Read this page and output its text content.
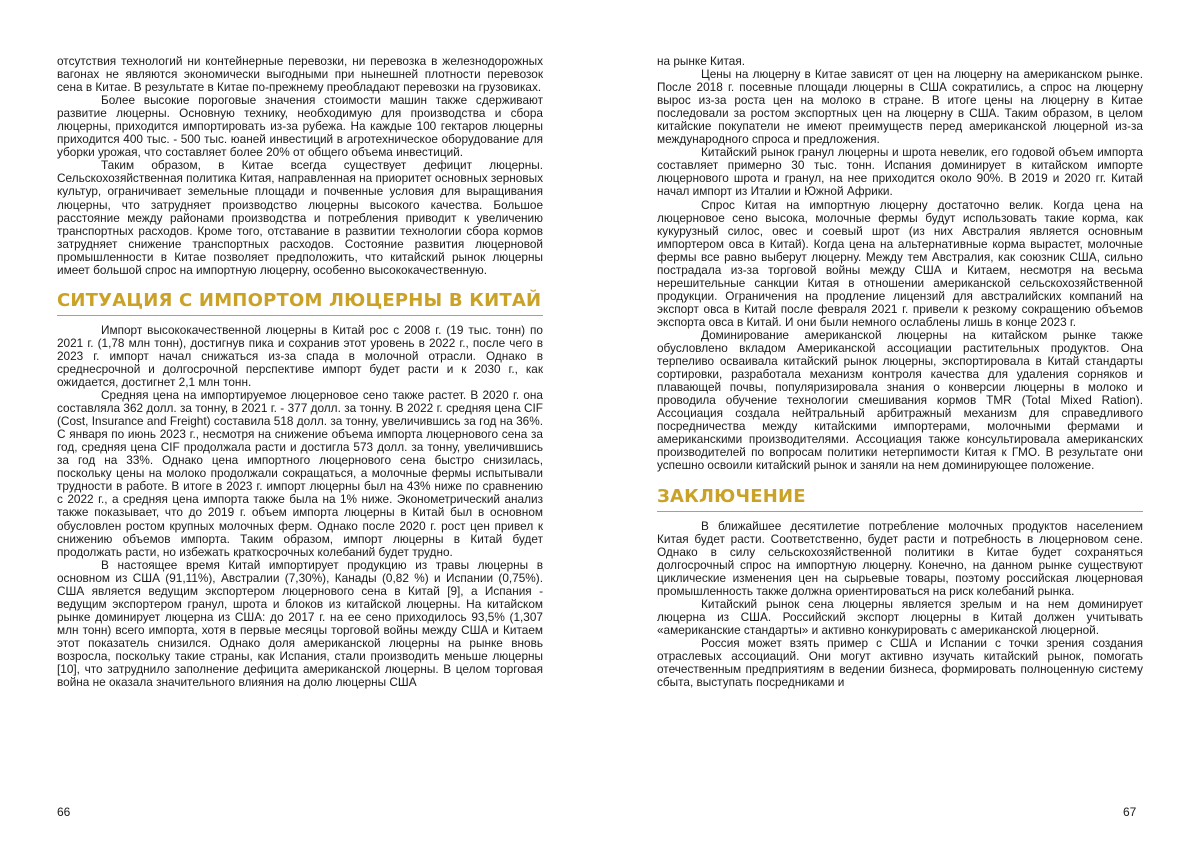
отсутствия технологий ни контейнерные перевозки, ни перевозка в железнодорожных вагонах не являются экономически выгодными при нынешней плотности перевозок сена в Китае. В результате в Китае по-прежнему преобладают перевозки на грузовиках.

Более высокие пороговые значения стоимости машин также сдерживают развитие люцерны. Основную технику, необходимую для производства и сбора люцерны, приходится импортировать из-за рубежа. На каждые 100 гектаров люцерны приходится 400 тыс. - 500 тыс. юаней инвестиций в агротехническое оборудование для уборки урожая, что составляет более 20% от общего объема инвестиций.

Таким образом, в Китае всегда существует дефицит люцерны. Сельскохозяйственная политика Китая, направленная на приоритет основных зерновых культур, ограничивает земельные площади и почвенные условия для выращивания люцерны, что затрудняет производство люцерны высокого качества. Большое расстояние между районами производства и потребления приводит к увеличению транспортных расходов. Кроме того, отставание в развитии технологии сбора кормов затрудняет снижение транспортных расходов. Состояние развития люцерновой промышленности в Китае позволяет предположить, что китайский рынок люцерны имеет большой спрос на импортную люцерну, особенно высококачественную.

СИТУАЦИЯ С ИМПОРТОМ ЛЮЦЕРНЫ В КИТАЙ

Импорт высококачественной люцерны в Китай рос с 2008 г. (19 тыс. тонн) по 2021 г. (1,78 млн тонн), достигнув пика и сохранив этот уровень в 2022 г., после чего в 2023 г. импорт начал снижаться из-за спада в молочной отрасли. Однако в среднесрочной и долгосрочной перспективе импорт будет расти и к 2030 г., как ожидается, достигнет 2,1 млн тонн.

Средняя цена на импортируемое люцерновое сено также растет. В 2020 г. она составляла 362 долл. за тонну, в 2021 г. - 377 долл. за тонну. В 2022 г. средняя цена CIF (Cost, Insurance and Freight) составила 518 долл. за тонну, увеличившись за год на 36%. С января по июнь 2023 г., несмотря на снижение объема импорта люцернового сена за год, средняя цена CIF продолжала расти и достигла 573 долл. за тонну, увеличившись за год на 33%. Однако цена импортного люцернового сена быстро снизилась, поскольку цены на молоко продолжали сокращаться, а молочные фермы испытывали трудности в работе. В итоге в 2023 г. импорт люцерны был на 43% ниже по сравнению с 2022 г., а средняя цена импорта также была на 1% ниже. Эконометрический анализ также показывает, что до 2019 г. объем импорта люцерны в Китай был в основном обусловлен ростом крупных молочных ферм. Однако после 2020 г. рост цен привел к снижению объемов импорта. Таким образом, импорт люцерны в Китай будет продолжать расти, но избежать краткосрочных колебаний будет трудно.

В настоящее время Китай импортирует продукцию из травы люцерны в основном из США (91,11%), Австралии (7,30%), Канады (0,82 %) и Испании (0,75%). США является ведущим экспортером люцернового сена в Китай [9], а Испания - ведущим экспортером гранул, шрота и блоков из китайской люцерны. На китайском рынке доминирует люцерна из США: до 2017 г. на ее сено приходилось 93,5% (1,307 млн тонн) всего импорта, хотя в первые месяцы торговой войны между США и Китаем этот показатель снизился. Однако доля американской люцерны на рынке вновь возросла, поскольку такие страны, как Испания, стали производить меньше люцерны [10], что затруднило заполнение дефицита американской люцерны. В целом торговая война не оказала значительного влияния на долю люцерны США

66

на рынке Китая.

Цены на люцерну в Китае зависят от цен на люцерну на американском рынке. После 2018 г. посевные площади люцерны в США сократились, а спрос на люцерну вырос из-за роста цен на молоко в стране. В итоге цены на люцерну в Китае последовали за ростом экспортных цен на люцерну в США. Таким образом, в целом китайские покупатели не имеют преимуществ перед американской люцерной из-за международного спроса и предложения.

Китайский рынок гранул люцерны и шрота невелик, его годовой объем импорта составляет примерно 30 тыс. тонн. Испания доминирует в китайском импорте люцернового шрота и гранул, на нее приходится около 90%. В 2019 и 2020 гг. Китай начал импорт из Италии и Южной Африки.

Спрос Китая на импортную люцерну достаточно велик. Когда цена на люцерновое сено высока, молочные фермы будут использовать такие корма, как кукурузный силос, овес и соевый шрот (из них Австралия является основным импортером овса в Китай). Когда цена на альтернативные корма вырастет, молочные фермы все равно выберут люцерну. Между тем Австралия, как союзник США, сильно пострадала из-за торговой войны между США и Китаем, несмотря на весьма нерешительные санкции Китая в отношении американской сельскохозяйственной продукции. Ограничения на продление лицензий для австралийских компаний на экспорт овса в Китай после февраля 2021 г. привели к резкому сокращению объемов экспорта овса в Китай. И они были немного ослаблены лишь в конце 2023 г.

Доминирование американской люцерны на китайском рынке также обусловлено вкладом Американской ассоциации растительных продуктов. Она терпеливо осваивала китайский рынок люцерны, экспортировала в Китай стандарты сортировки, разработала механизм контроля качества для удаления сорняков и плавающей почвы, популяризировала знания о конверсии люцерны в молоко и проводила обучение технологии смешивания кормов TMR (Total Mixed Ration). Ассоциация создала нейтральный арбитражный механизм для справедливого посредничества между китайскими импортерами, молочными фермами и американскими производителями. Ассоциация также консультировала американских производителей по вопросам политики нетерпимости Китая к ГМО. В результате они успешно освоили китайский рынок и заняли на нем доминирующее положение.

ЗАКЛЮЧЕНИЕ

В ближайшее десятилетие потребление молочных продуктов населением Китая будет расти. Соответственно, будет расти и потребность в люцерновом сене. Однако в силу сельскохозяйственной политики в Китае будет сохраняться долгосрочный спрос на импортную люцерну. Конечно, на данном рынке существуют циклические изменения цен на сырьевые товары, поэтому российская люцерновая промышленность также должна ориентироваться на риск колебаний рынка.

Китайский рынок сена люцерны является зрелым и на нем доминирует люцерна из США. Российский экспорт люцерны в Китай должен учитывать «американские стандарты» и активно конкурировать с американской люцерной.

Россия может взять пример с США и Испании с точки зрения создания отраслевых ассоциаций. Они могут активно изучать китайский рынок, помогать отечественным предприятиям в ведении бизнеса, формировать полноценную систему сбыта, выступать посредниками и

67
